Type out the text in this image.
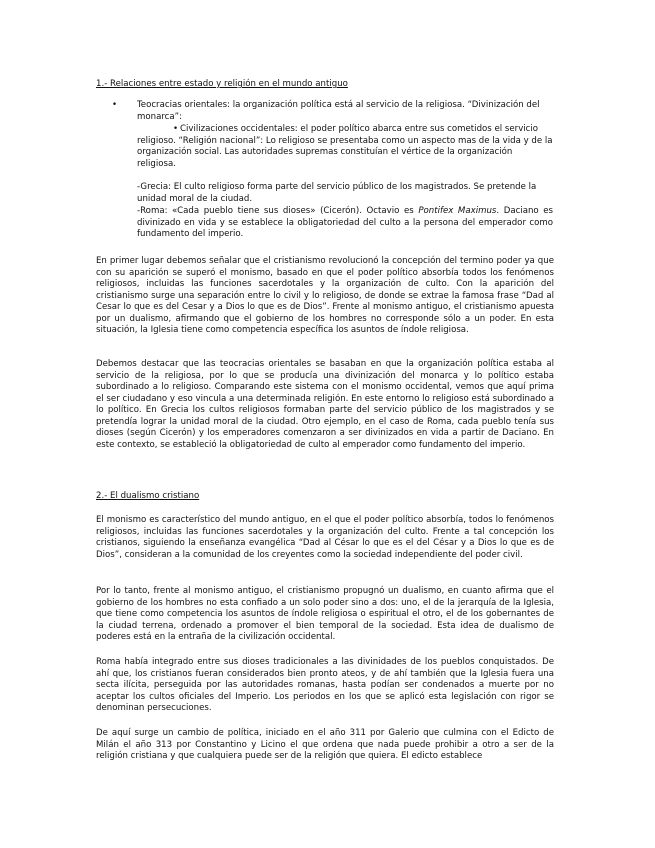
1.- Relaciones entre estado y religión en el mundo antiguo
• Teocracias orientales: la organización política está al servicio de la religiosa. “Divinización del monarca”:

• Civilizaciones occidentales: el poder político abarca entre sus cometidos el servicio religioso. “Religión nacional”: Lo religioso se presentaba como un aspecto mas de la vida y de la organización social. Las autoridades supremas constituían el vértice de la organización religiosa.

-Grecia: El culto religioso forma parte del servicio público de los magistrados. Se pretende la unidad moral de la ciudad.

-Roma: «Cada pueblo tiene sus dioses» (Cicerón). Octavio es Pontifex Maximus. Daciano es divinizado en vida y se establece la obligatoriedad del culto a la persona del emperador como fundamento del imperio.

En primer lugar debemos señalar que el cristianismo revolucionó la concepción del termino poder ya que con su aparición se superó el monismo, basado en que el poder político absorbía todos los fenómenos religiosos, incluidas las funciones sacerdotales y la organización de culto. Con la aparición del cristianismo surge una separación entre lo civil y lo religioso, de donde se extrae la famosa frase “Dad al Cesar lo que es del Cesar y a Dios lo que es de Dios”. Frente al monismo antiguo, el cristianismo apuesta por un dualismo, afirmando que el gobierno de los hombres no corresponde sólo a un poder. En esta situación, la Iglesia tiene como competencia específica los asuntos de índole religiosa.

Debemos destacar que las teocracias orientales se basaban en que la organización política estaba al servicio de la religiosa, por lo que se producía una divinización del monarca y lo político estaba subordinado a lo religioso. Comparando este sistema con el monismo occidental, vemos que aquí prima el ser ciudadano y eso vincula a una determinada religión. En este entorno lo religioso está subordinado a lo político. En Grecia los cultos religiosos formaban parte del servicio público de los magistrados y se pretendía lograr la unidad moral de la ciudad. Otro ejemplo, en el caso de Roma, cada pueblo tenía sus dioses (según Cicerón) y los emperadores comenzaron a ser divinizados en vida a partir de Daciano. En este contexto, se estableció la obligatoriedad de culto al emperador como fundamento del imperio.

2.- El dualismo cristiano

El monismo es característico del mundo antiguo, en el que el poder político absorbía, todos lo fenómenos religiosos, incluidas las funciones sacerdotales y la organización del culto. Frente a tal concepción los cristianos, siguiendo la enseñanza evangélica “Dad al César lo que es el del César y a Dios lo que es de Dios”, consideran a la comunidad de los creyentes como la sociedad independiente del poder civil.

Por lo tanto, frente al monismo antiguo, el cristianismo propugnó un dualismo, en cuanto afirma que el gobierno de los hombres no esta confiado a un solo poder sino a dos: uno, el de la jerarquía de la Iglesia, que tiene como competencia los asuntos de índole religiosa o espiritual el otro, el de los gobernantes de la ciudad terrena, ordenado a promover el bien temporal de la sociedad. Esta idea de dualismo de poderes está en la entraña de la civilización occidental.

Roma había integrado entre sus dioses tradicionales a las divinidades de los pueblos conquistados. De ahí que, los cristianos fueran considerados bien pronto ateos, y de ahí también que la Iglesia fuera una secta ilícita, perseguida por las autoridades romanas, hasta podían ser condenados a muerte por no aceptar los cultos oficiales del Imperio. Los periodos en los que se aplicó esta legislación con rigor se denominan persecuciones.

De aquí surge un cambio de política, iniciado en el año 311 por Galerio que culmina con el Edicto de Milán el año 313 por Constantino y Licino el que ordena que nada puede prohibir a otro a ser de la religión cristiana y que cualquiera puede ser de la religión que quiera. El edicto establece
